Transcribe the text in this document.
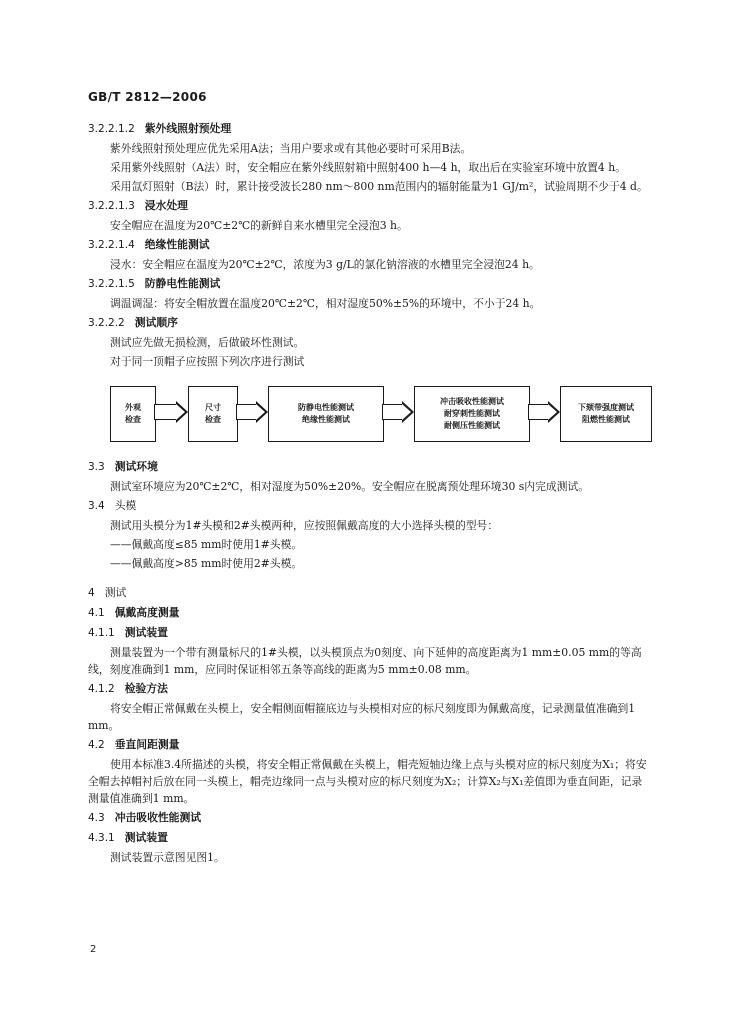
GB/T 2812—2006
3.2.2.1.2 紫外线照射预处理

紫外线照射预处理应优先采用A法；当用户要求或有其他必要时可采用B法。

采用紫外线照射（A法）时，安全帽应在紫外线照射箱中照射400 h—4 h，取出后在实验室环境中放置4 h。

采用氙灯照射（B法）时，累计接受波长280 nm～800 nm范围内的辐射能量为1 GJ/m²，试验周期不少于4 d。

3.2.2.1.3 浸水处理

安全帽应在温度为20℃±2℃的新鲜自来水槽里完全浸泡3 h。

3.2.2.1.4 绝缘性能测试

浸水：安全帽应在温度为20℃±2℃，浓度为3 g/L的氯化钠溶液的水槽里完全浸泡24 h。

3.2.2.1.5 防静电性能测试

调温调湿：将安全帽放置在温度20℃±2℃，相对湿度50%±5%的环境中，不小于24 h。

3.2.2.2 测试顺序

测试应先做无损检测，后做破坏性测试。

对于同一顶帽子应按照下列次序进行测试

外观
检查
尺寸
检查
防静电性能测试
绝缘性能测试
冲击吸收性能测试
耐穿刺性能测试
耐侧压性能测试
下颏带强度测试
阻燃性能测试
3.3 测试环境

测试室环境应为20℃±2℃，相对湿度为50%±20%。安全帽应在脱离预处理环境30 s内完成测试。

3.4 头模

测试用头模分为1#头模和2#头模两种，应按照佩戴高度的大小选择头模的型号：

——佩戴高度≤85 mm时使用1#头模。

——佩戴高度>85 mm时使用2#头模。

4 测试
4.1 佩戴高度测量
4.1.1 测试装置

测量装置为一个带有测量标尺的1#头模，以头模顶点为0刻度、向下延伸的高度距离为1 mm±0.05 mm的等高线，刻度准确到1 mm，应同时保证相邻五条等高线的距离为5 mm±0.08 mm。

4.1.2 检验方法

将安全帽正常佩戴在头模上，安全帽侧面帽箍底边与头模相对应的标尺刻度即为佩戴高度，记录测量值准确到1 mm。

4.2 垂直间距测量

使用本标准3.4所描述的头模，将安全帽正常佩戴在头模上，帽壳短轴边缘上点与头模对应的标尺刻度为X₁；将安全帽去掉帽衬后放在同一头模上，帽壳边缘同一点与头模对应的标尺刻度为X₂；计算X₂与X₁差值即为垂直间距，记录测量值准确到1 mm。

4.3 冲击吸收性能测试
4.3.1 测试装置

测试装置示意图见图1。

2
